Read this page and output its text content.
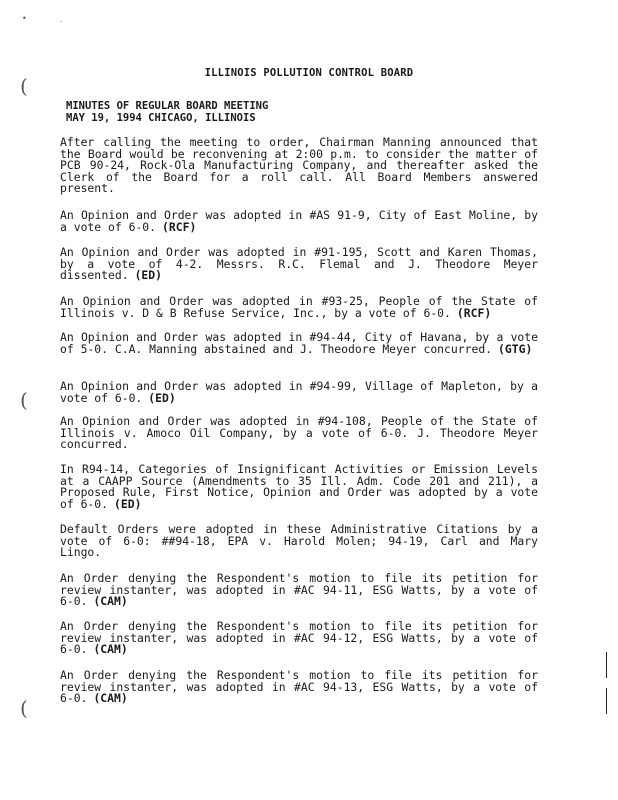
•	·
(
(
(
ILLINOIS POLLUTION CONTROL BOARD
MINUTES OF REGULAR BOARD MEETING
MAY 19, 1994 CHICAGO, ILLINOIS
After calling the meeting to order, Chairman Manning announced that the Board would be reconvening at 2:00 p.m. to consider the matter of PCB 90-24, Rock-Ola Manufacturing Company, and thereafter asked the Clerk of the Board for a roll call. All Board Members answered present.
An Opinion and Order was adopted in #AS 91-9, City of East Moline, by a vote of 6-0. (RCF)
An Opinion and Order was adopted in #91-195, Scott and Karen Thomas, by a vote of 4-2. Messrs. R.C. Flemal and J. Theodore Meyer dissented. (ED)
An Opinion and Order was adopted in #93-25, People of the State of Illinois v. D & B Refuse Service, Inc., by a vote of 6-0. (RCF)
An Opinion and Order was adopted in #94-44, City of Havana, by a vote of 5-0. C.A. Manning abstained and J. Theodore Meyer concurred. (GTG)
An Opinion and Order was adopted in #94-99, Village of Mapleton, by a vote of 6-0. (ED)
An Opinion and Order was adopted in #94-108, People of the State of Illinois v. Amoco Oil Company, by a vote of 6-0. J. Theodore Meyer concurred.
In R94-14, Categories of Insignificant Activities or Emission Levels at a CAAPP Source (Amendments to 35 Ill. Adm. Code 201 and 211), a Proposed Rule, First Notice, Opinion and Order was adopted by a vote of 6-0. (ED)
Default Orders were adopted in these Administrative Citations by a vote of 6-0: ##94-18, EPA v. Harold Molen; 94-19, Carl and Mary Lingo.
An Order denying the Respondent's motion to file its petition for review instanter, was adopted in #AC 94-11, ESG Watts, by a vote of 6-0. (CAM)
An Order denying the Respondent's motion to file its petition for review instanter, was adopted in #AC 94-12, ESG Watts, by a vote of 6-0. (CAM)
An Order denying the Respondent's motion to file its petition for review instanter, was adopted in #AC 94-13, ESG Watts, by a vote of 6-0. (CAM)
